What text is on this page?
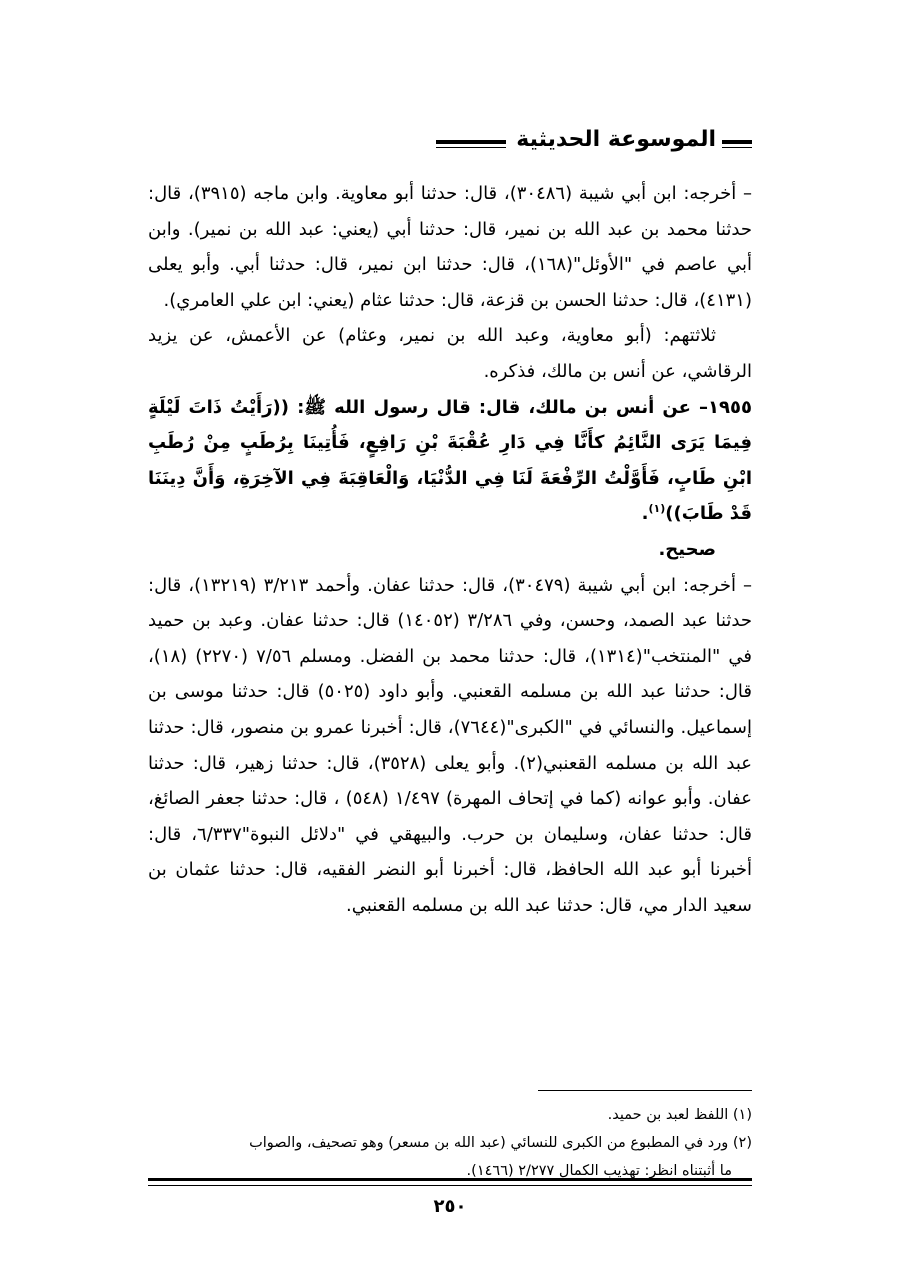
الموسوعة الحديثية

– أخرجه: ابن أبي شيبة (٣٠٤٨٦)، قال: حدثنا أبو معاوية. وابن ماجه (٣٩١٥)، قال: حدثنا محمد بن عبد الله بن نمير، قال: حدثنا أبي (يعني: عبد الله بن نمير). وابن أبي عاصم في "الأوئل"(١٦٨)، قال: حدثنا ابن نمير، قال: حدثنا أبي. وأبو يعلى (٤١٣١)، قال: حدثنا الحسن بن قزعة، قال: حدثنا عثام (يعني: ابن علي العامري).

ثلاثتهم: (أبو معاوية، وعبد الله بن نمير، وعثام) عن الأعمش، عن يزيد الرقاشي، عن أنس بن مالك، فذكره.

١٩٥٥– عن أنس بن مالك، قال: قال رسول الله ﷺ: ((رَأَيْتُ ذَاتَ لَيْلَةٍ فِيمَا يَرَى النَّائِمُ كأَنَّا فِي دَارِ عُقْبَةَ بْنِ رَافِعٍ، فَأُتِينَا بِرُطَبٍ مِنْ رُطَبِ ابْنِ طَابٍ، فَأَوَّلْتُ الرِّفْعَةَ لَنَا فِي الدُّنْيَا، وَالْعَاقِبَةَ فِي الآخِرَةِ، وَأَنَّ دِينَنَا قَدْ طَابَ))$^{(١)}$.

صحيح.

– أخرجه: ابن أبي شيبة (٣٠٤٧٩)، قال: حدثنا عفان. وأحمد ٣/٢١٣ (١٣٢١٩)، قال: حدثنا عبد الصمد، وحسن، وفي ٣/٢٨٦ (١٤٠٥٢) قال: حدثنا عفان. وعبد بن حميد في "المنتخب"(١٣١٤)، قال: حدثنا محمد بن الفضل. ومسلم ٧/٥٦ (٢٢٧٠) (١٨)، قال: حدثنا عبد الله بن مسلمه القعنبي. وأبو داود (٥٠٢٥) قال: حدثنا موسى بن إسماعيل. والنسائي في "الكبرى"(٧٦٤٤)، قال: أخبرنا عمرو بن منصور، قال: حدثنا عبد الله بن مسلمه القعنبي(٢). وأبو يعلى (٣٥٢٨)، قال: حدثنا زهير، قال: حدثنا عفان. وأبو عوانه (كما في إتحاف المهرة) ١/٤٩٧ (٥٤٨) ، قال: حدثنا جعفر الصائغ، قال: حدثنا عفان، وسليمان بن حرب. والبيهقي في "دلائل النبوة"٦/٣٣٧، قال: أخبرنا أبو عبد الله الحافظ، قال: أخبرنا أبو النضر الفقيه، قال: حدثنا عثمان بن سعيد الدار مي، قال: حدثنا عبد الله بن مسلمه القعنبي.

(١) اللفظ لعبد بن حميد.

(٢) ورد في المطبوع من الكبرى للنسائي (عبد الله بن مسعر) وهو تصحيف، والصواب

ما أثبتناه انظر: تهذيب الكمال ٢/٢٧٧ (١٤٦٦).

٢٥٠
